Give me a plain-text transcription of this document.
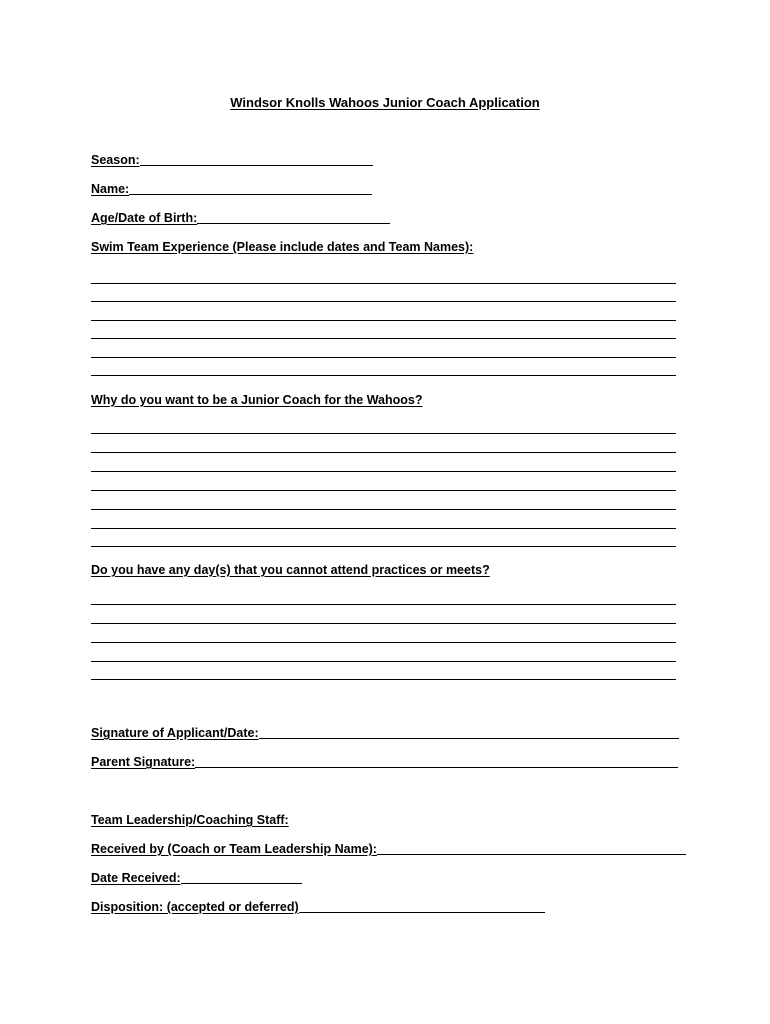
Windsor Knolls Wahoos Junior Coach Application
Season:
Name:
Age/Date of Birth:
Swim Team Experience (Please include dates and Team Names):
Why do you want to be a Junior Coach for the Wahoos?
Do you have any day(s) that you cannot attend practices or meets?
Signature of Applicant/Date:
Parent Signature:
Team Leadership/Coaching Staff:
Received by (Coach or Team Leadership Name):
Date Received:
Disposition: (accepted or deferred)
